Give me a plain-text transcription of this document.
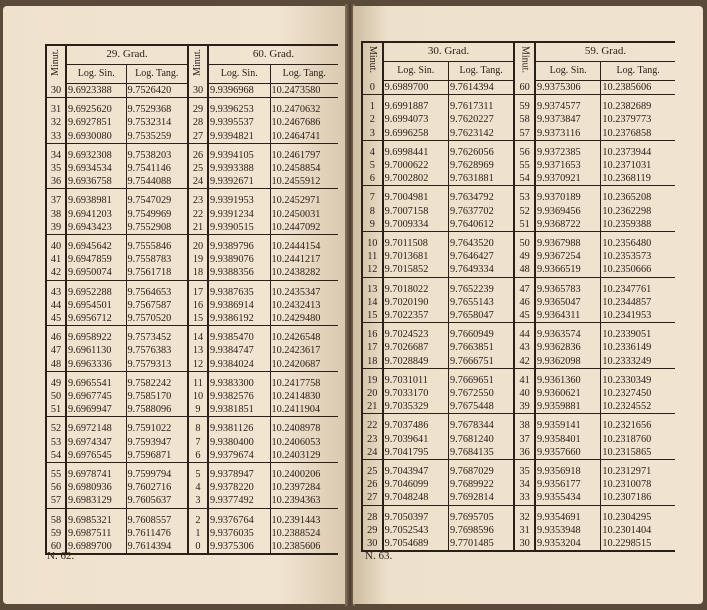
Minut.	29. Grad.		Minut.	60. Grad.	
	Log. Sin.	Log. Tang.		Log. Sin.	Log. Tang.
30	9.6923388	9.7526420	30	9.9396968	10.2473580

31	9.6925620	9.7529368	29	9.9396253	10.2470632
32	9.6927851	9.7532314	28	9.9395537	10.2467686
33	9.6930080	9.7535259	27	9.9394821	10.2464741

34	9.6932308	9.7538203	26	9.9394105	10.2461797
35	9.6934534	9.7541146	25	9.9393388	10.2458854
36	9.6936758	9.7544088	24	9.9392671	10.2455912

37	9.6938981	9.7547029	23	9.9391953	10.2452971
38	9.6941203	9.7549969	22	9.9391234	10.2450031
39	9.6943423	9.7552908	21	9.9390515	10.2447092

40	9.6945642	9.7555846	20	9.9389796	10.2444154
41	9.6947859	9.7558783	19	9.9389076	10.2441217
42	9.6950074	9.7561718	18	9.9388356	10.2438282

43	9.6952288	9.7564653	17	9.9387635	10.2435347
44	9.6954501	9.7567587	16	9.9386914	10.2432413
45	9.6956712	9.7570520	15	9.9386192	10.2429480

46	9.6958922	9.7573452	14	9.9385470	10.2426548
47	9.6961130	9.7576383	13	9.9384747	10.2423617
48	9.6963336	9.7579313	12	9.9384024	10.2420687

49	9.6965541	9.7582242	11	9.9383300	10.2417758
50	9.6967745	9.7585170	10	9.9382576	10.2414830
51	9.6969947	9.7588096	9	9.9381851	10.2411904

52	9.6972148	9.7591022	8	9.9381126	10.2408978
53	9.6974347	9.7593947	7	9.9380400	10.2406053
54	9.6976545	9.7596871	6	9.9379674	10.2403129

55	9.6978741	9.7599794	5	9.9378947	10.2400206
56	9.6980936	9.7602716	4	9.9378220	10.2397284
57	9.6983129	9.7605637	3	9.9377492	10.2394363

58	9.6985321	9.7608557	2	9.9376764	10.2391443
59	9.6987511	9.7611476	1	9.9376035	10.2388524
60	9.6989700	9.7614394	0	9.9375306	10.2385606
N. 62.
Minut.	30. Grad.		Minut.	59. Grad.	
	Log. Sin.	Log. Tang.		Log. Sin.	Log. Tang.
0	9.6989700	9.7614394	60	9.9375306	10.2385606

1	9.6991887	9.7617311	59	9.9374577	10.2382689
2	9.6994073	9.7620227	58	9.9373847	10.2379773
3	9.6996258	9.7623142	57	9.9373116	10.2376858

4	9.6998441	9.7626056	56	9.9372385	10.2373944
5	9.7000622	9.7628969	55	9.9371653	10.2371031
6	9.7002802	9.7631881	54	9.9370921	10.2368119

7	9.7004981	9.7634792	53	9.9370189	10.2365208
8	9.7007158	9.7637702	52	9.9369456	10.2362298
9	9.7009334	9.7640612	51	9.9368722	10.2359388

10	9.7011508	9.7643520	50	9.9367988	10.2356480
11	9.7013681	9.7646427	49	9.9367254	10.2353573
12	9.7015852	9.7649334	48	9.9366519	10.2350666

13	9.7018022	9.7652239	47	9.9365783	10.2347761
14	9.7020190	9.7655143	46	9.9365047	10.2344857
15	9.7022357	9.7658047	45	9.9364311	10.2341953

16	9.7024523	9.7660949	44	9.9363574	10.2339051
17	9.7026687	9.7663851	43	9.9362836	10.2336149
18	9.7028849	9.7666751	42	9.9362098	10.2333249

19	9.7031011	9.7669651	41	9.9361360	10.2330349
20	9.7033170	9.7672550	40	9.9360621	10.2327450
21	9.7035329	9.7675448	39	9.9359881	10.2324552

22	9.7037486	9.7678344	38	9.9359141	10.2321656
23	9.7039641	9.7681240	37	9.9358401	10.2318760
24	9.7041795	9.7684135	36	9.9357660	10.2315865

25	9.7043947	9.7687029	35	9.9356918	10.2312971
26	9.7046099	9.7689922	34	9.9356177	10.2310078
27	9.7048248	9.7692814	33	9.9355434	10.2307186

28	9.7050397	9.7695705	32	9.9354691	10.2304295
29	9.7052543	9.7698596	31	9.9353948	10.2301404
30	9.7054689	9.7701485	30	9.9353204	10.2298515
N. 63.
